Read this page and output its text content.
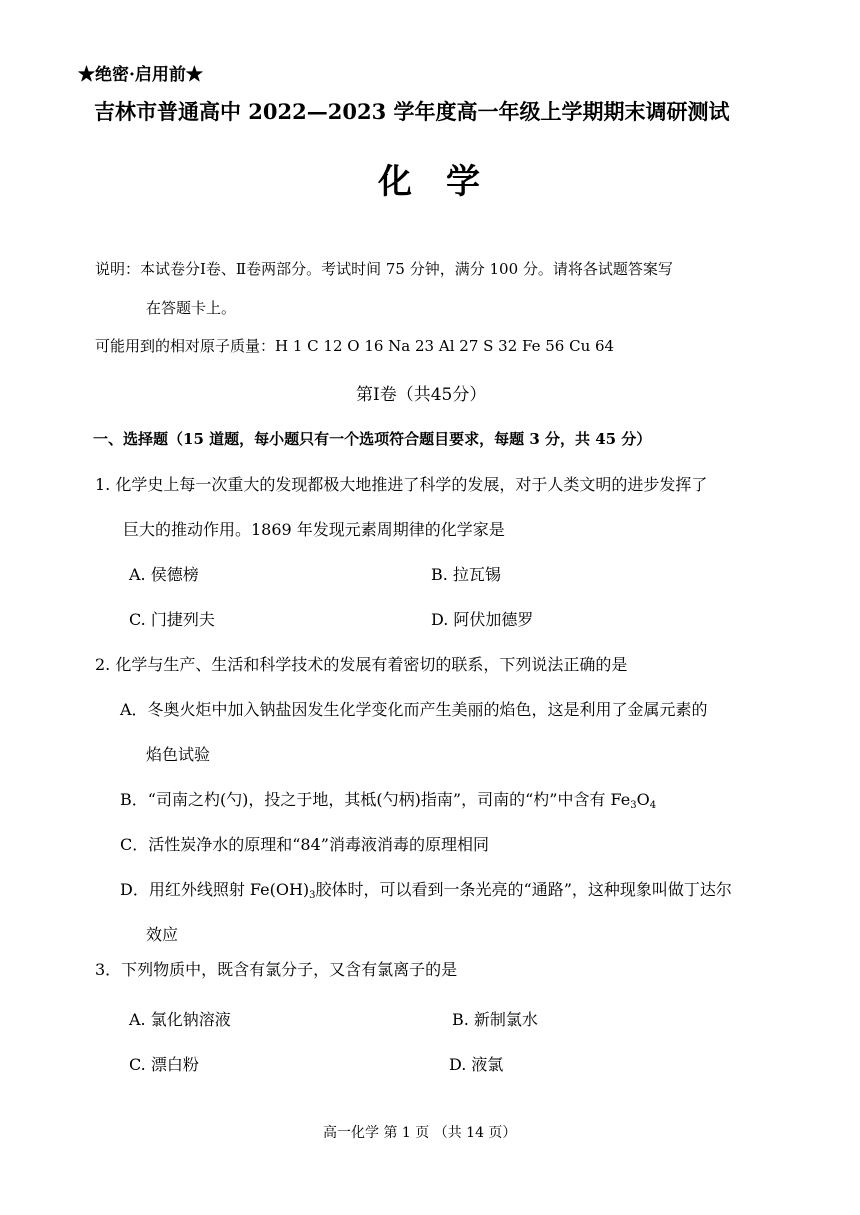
★绝密·启用前★
吉林市普通高中 2022—2023 学年度高一年级上学期期末调研测试
化　学
说明：本试卷分Ⅰ卷、Ⅱ卷两部分。考试时间 75 分钟，满分 100 分。请将各试题答案写
在答题卡上。
可能用到的相对原子质量：H 1 C 12 O 16 Na 23 Al 27 S 32 Fe 56 Cu 64
第Ⅰ卷（共45分）
一、选择题（15 道题，每小题只有一个选项符合题目要求，每题 3 分，共 45 分）
1. 化学史上每一次重大的发现都极大地推进了科学的发展，对于人类文明的进步发挥了
巨大的推动作用。1869 年发现元素周期律的化学家是
A. 侯德榜	B. 拉瓦锡
C. 门捷列夫	D. 阿伏加德罗
2. 化学与生产、生活和科学技术的发展有着密切的联系，下列说法正确的是
A．冬奥火炬中加入钠盐因发生化学变化而产生美丽的焰色，这是利用了金属元素的
焰色试验
B．“司南之杓(勺)，投之于地，其柢(勺柄)指南”，司南的“杓”中含有 $Fe_3O_4$
C．活性炭净水的原理和“84”消毒液消毒的原理相同
D．用红外线照射 $Fe(OH)_3$胶体时，可以看到一条光亮的“通路”，这种现象叫做丁达尔
效应
3．下列物质中，既含有氯分子，又含有氯离子的是
A. 氯化钠溶液	B. 新制氯水
C. 漂白粉	D. 液氯
高一化学 第 1 页 （共 14 页）
